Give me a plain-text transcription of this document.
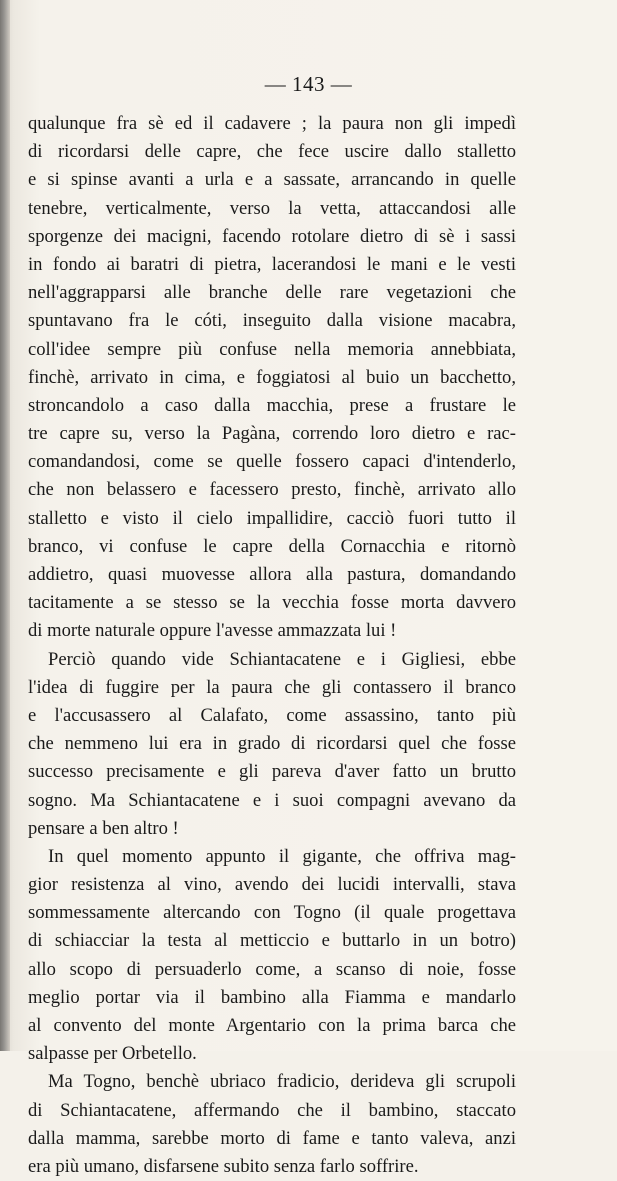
— 143 —
qualunque fra sè ed il cadavere ; la paura non gli impedì
di ricordarsi delle capre, che fece uscire dallo stalletto
e si spinse avanti a urla e a sassate, arrancando in quelle
tenebre, verticalmente, verso la vetta, attaccandosi alle
sporgenze dei macigni, facendo rotolare dietro di sè i sassi
in fondo ai baratri di pietra, lacerandosi le mani e le vesti
nell'aggrapparsi alle branche delle rare vegetazioni che
spuntavano fra le cóti, inseguito dalla visione macabra,
coll'idee sempre più confuse nella memoria annebbiata,
finchè, arrivato in cima, e foggiatosi al buio un bacchetto,
stroncandolo a caso dalla macchia, prese a frustare le
tre capre su, verso la Pagàna, correndo loro dietro e rac-
comandandosi, come se quelle fossero capaci d'intenderlo,
che non belassero e facessero presto, finchè, arrivato allo
stalletto e visto il cielo impallidire, cacciò fuori tutto il
branco, vi confuse le capre della Cornacchia e ritornò
addietro, quasi muovesse allora alla pastura, domandando
tacitamente a se stesso se la vecchia fosse morta davvero
di morte naturale oppure l'avesse ammazzata lui !
Perciò quando vide Schiantacatene e i Gigliesi, ebbe
l'idea di fuggire per la paura che gli contassero il branco
e l'accusassero al Calafato, come assassino, tanto più
che nemmeno lui era in grado di ricordarsi quel che fosse
successo precisamente e gli pareva d'aver fatto un brutto
sogno. Ma Schiantacatene e i suoi compagni avevano da
pensare a ben altro !
In quel momento appunto il gigante, che offriva mag-
gior resistenza al vino, avendo dei lucidi intervalli, stava
sommessamente altercando con Togno (il quale progettava
di schiacciar la testa al metticcio e buttarlo in un botro)
allo scopo di persuaderlo come, a scanso di noie, fosse
meglio portar via il bambino alla Fiamma e mandarlo
al convento del monte Argentario con la prima barca che
salpasse per Orbetello.
Ma Togno, benchè ubriaco fradicio, derideva gli scrupoli
di Schiantacatene, affermando che il bambino, staccato
dalla mamma, sarebbe morto di fame e tanto valeva, anzi
era più umano, disfarsene subito senza farlo soffrire.
